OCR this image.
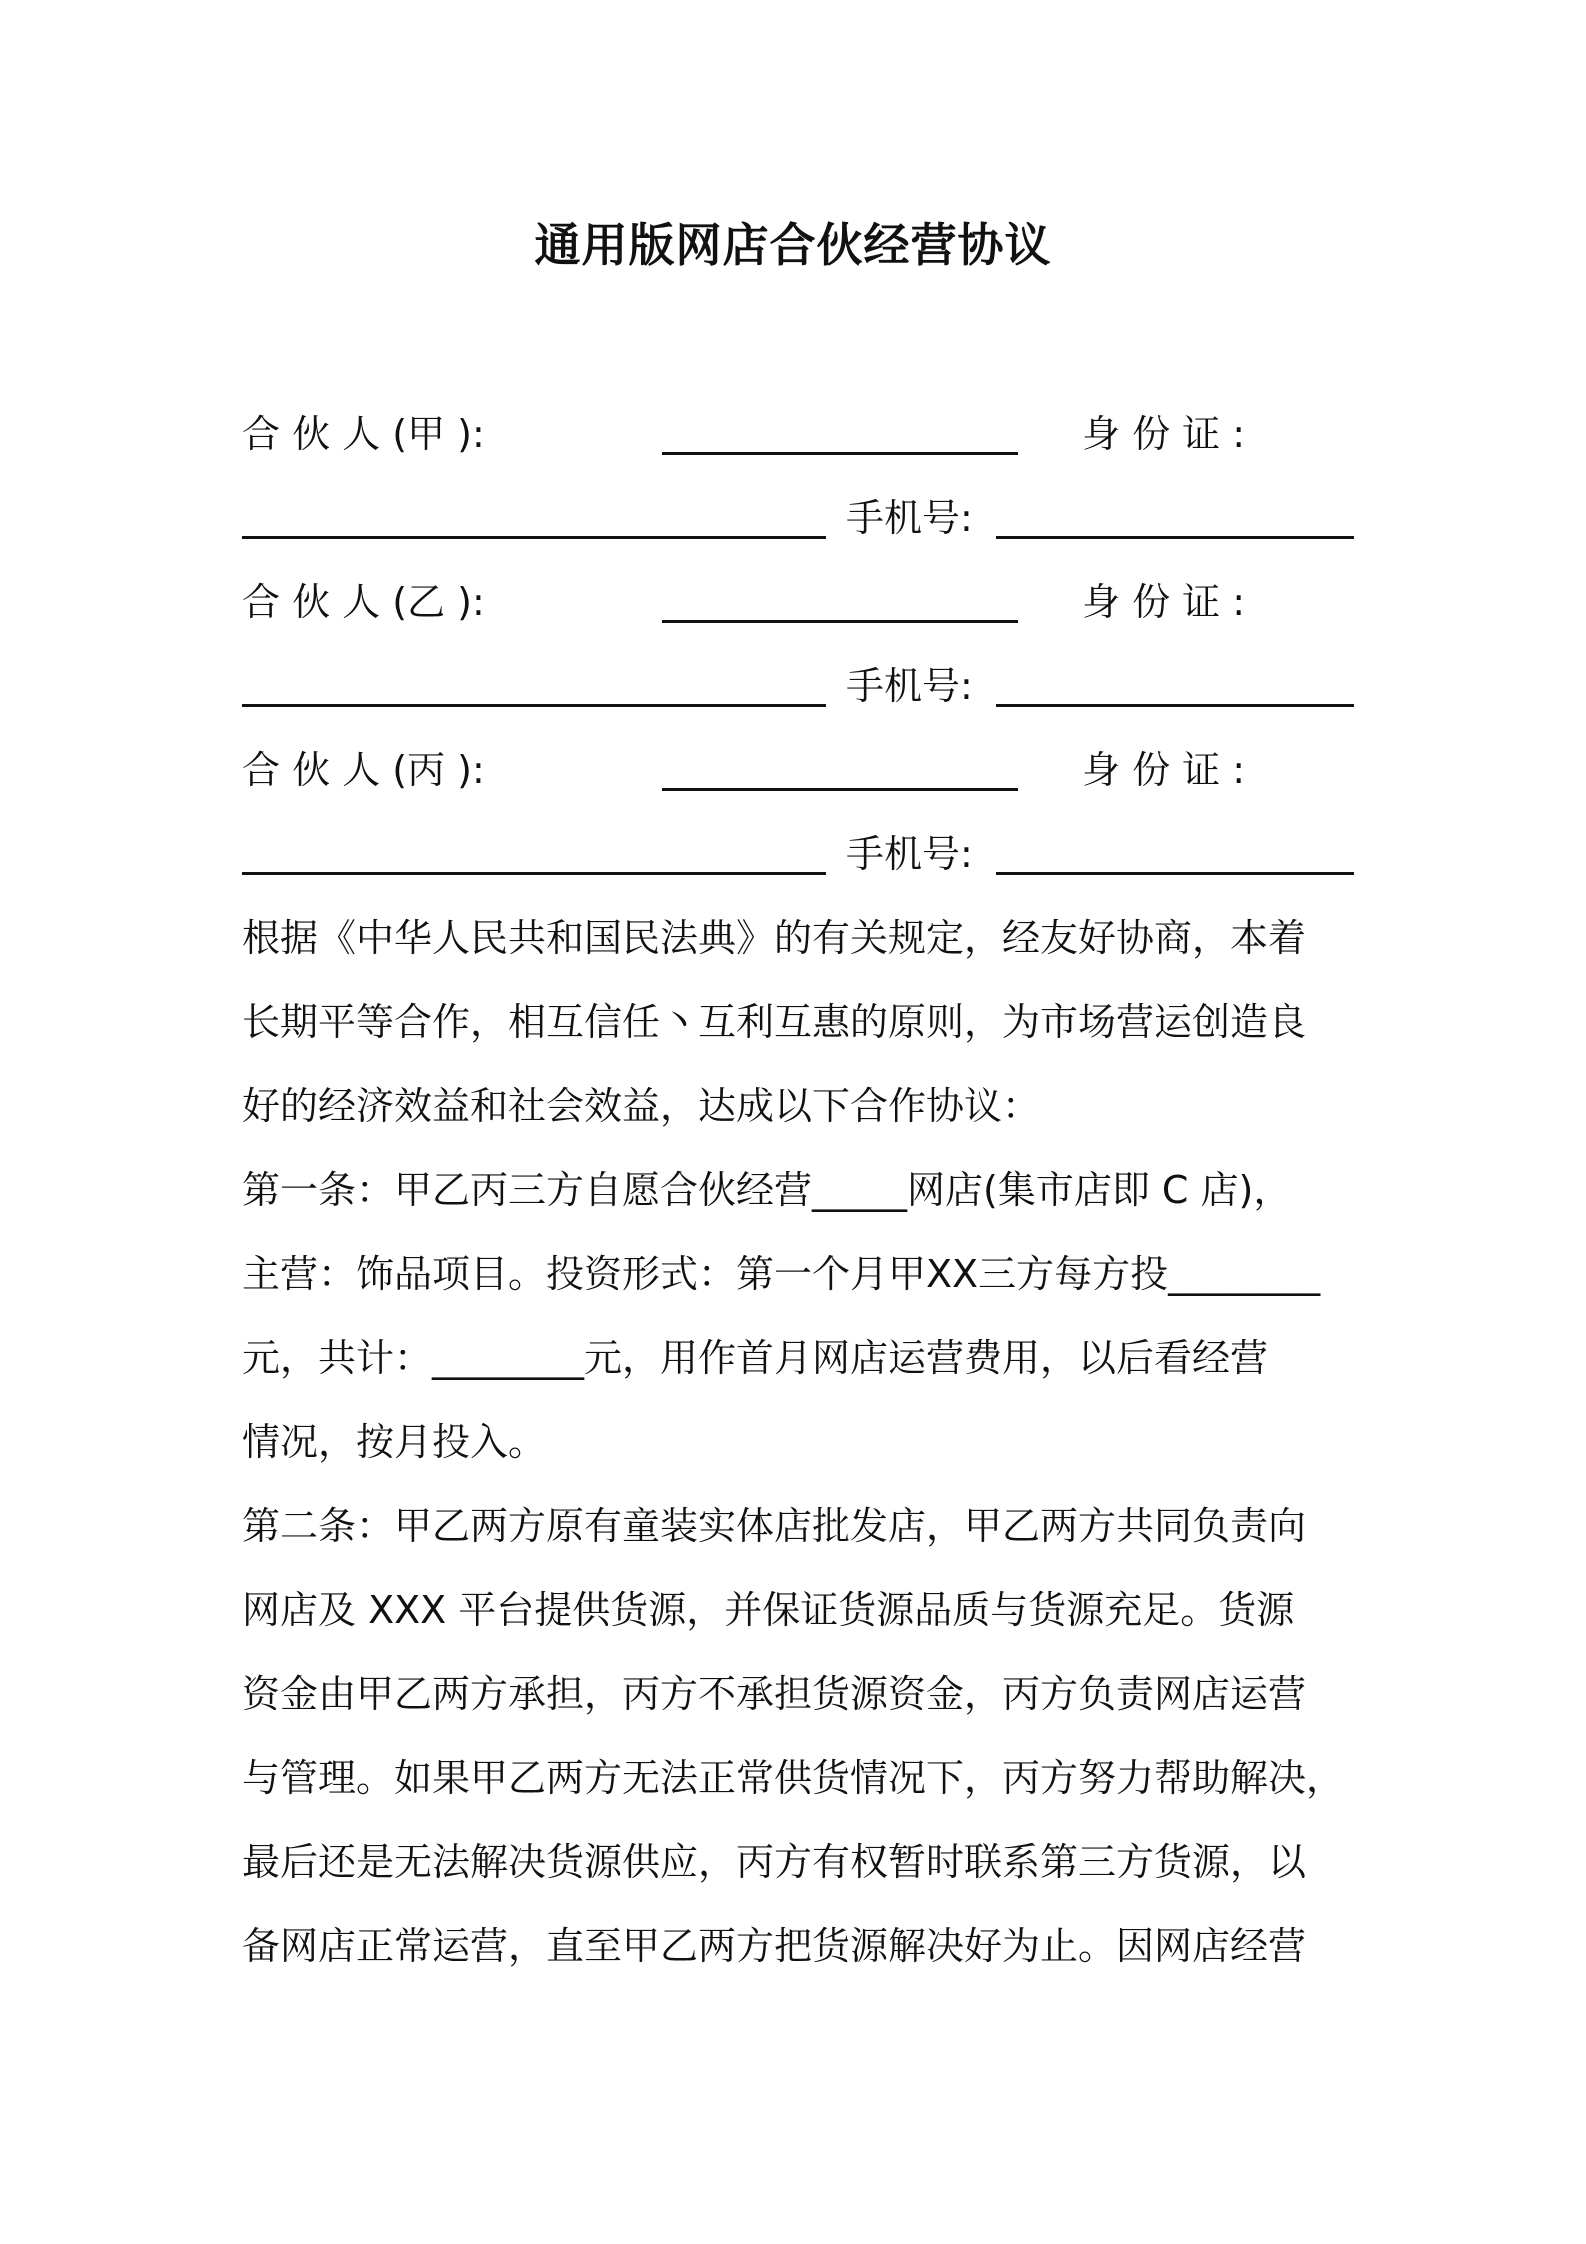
通用版网店合伙经营协议
合 伙 人 (甲 ):	身 份 证 :
手机号:
合 伙 人 (乙 ):	身 份 证 :
手机号:
合 伙 人 (丙 ):	身 份 证 :
手机号:
根据《中华人民共和国民法典》的有关规定，经友好协商，本着
长期平等合作，相互信任丶互利互惠的原则，为市场营运创造良
好的经济效益和社会效益，达成以下合作协议：
第一条：甲乙丙三方自愿合伙经营_____网店(集市店即 C 店)，
主营：饰品项目。投资形式：第一个月甲XX三方每方投________
元，共计：________元，用作首月网店运营费用，以后看经营
情况，按月投入。
第二条：甲乙两方原有童装实体店批发店，甲乙两方共同负责向
网店及 XXX 平台提供货源，并保证货源品质与货源充足。货源
资金由甲乙两方承担，丙方不承担货源资金，丙方负责网店运营
与管理。如果甲乙两方无法正常供货情况下，丙方努力帮助解决，
最后还是无法解决货源供应，丙方有权暂时联系第三方货源，以
备网店正常运营，直至甲乙两方把货源解决好为止。因网店经营
